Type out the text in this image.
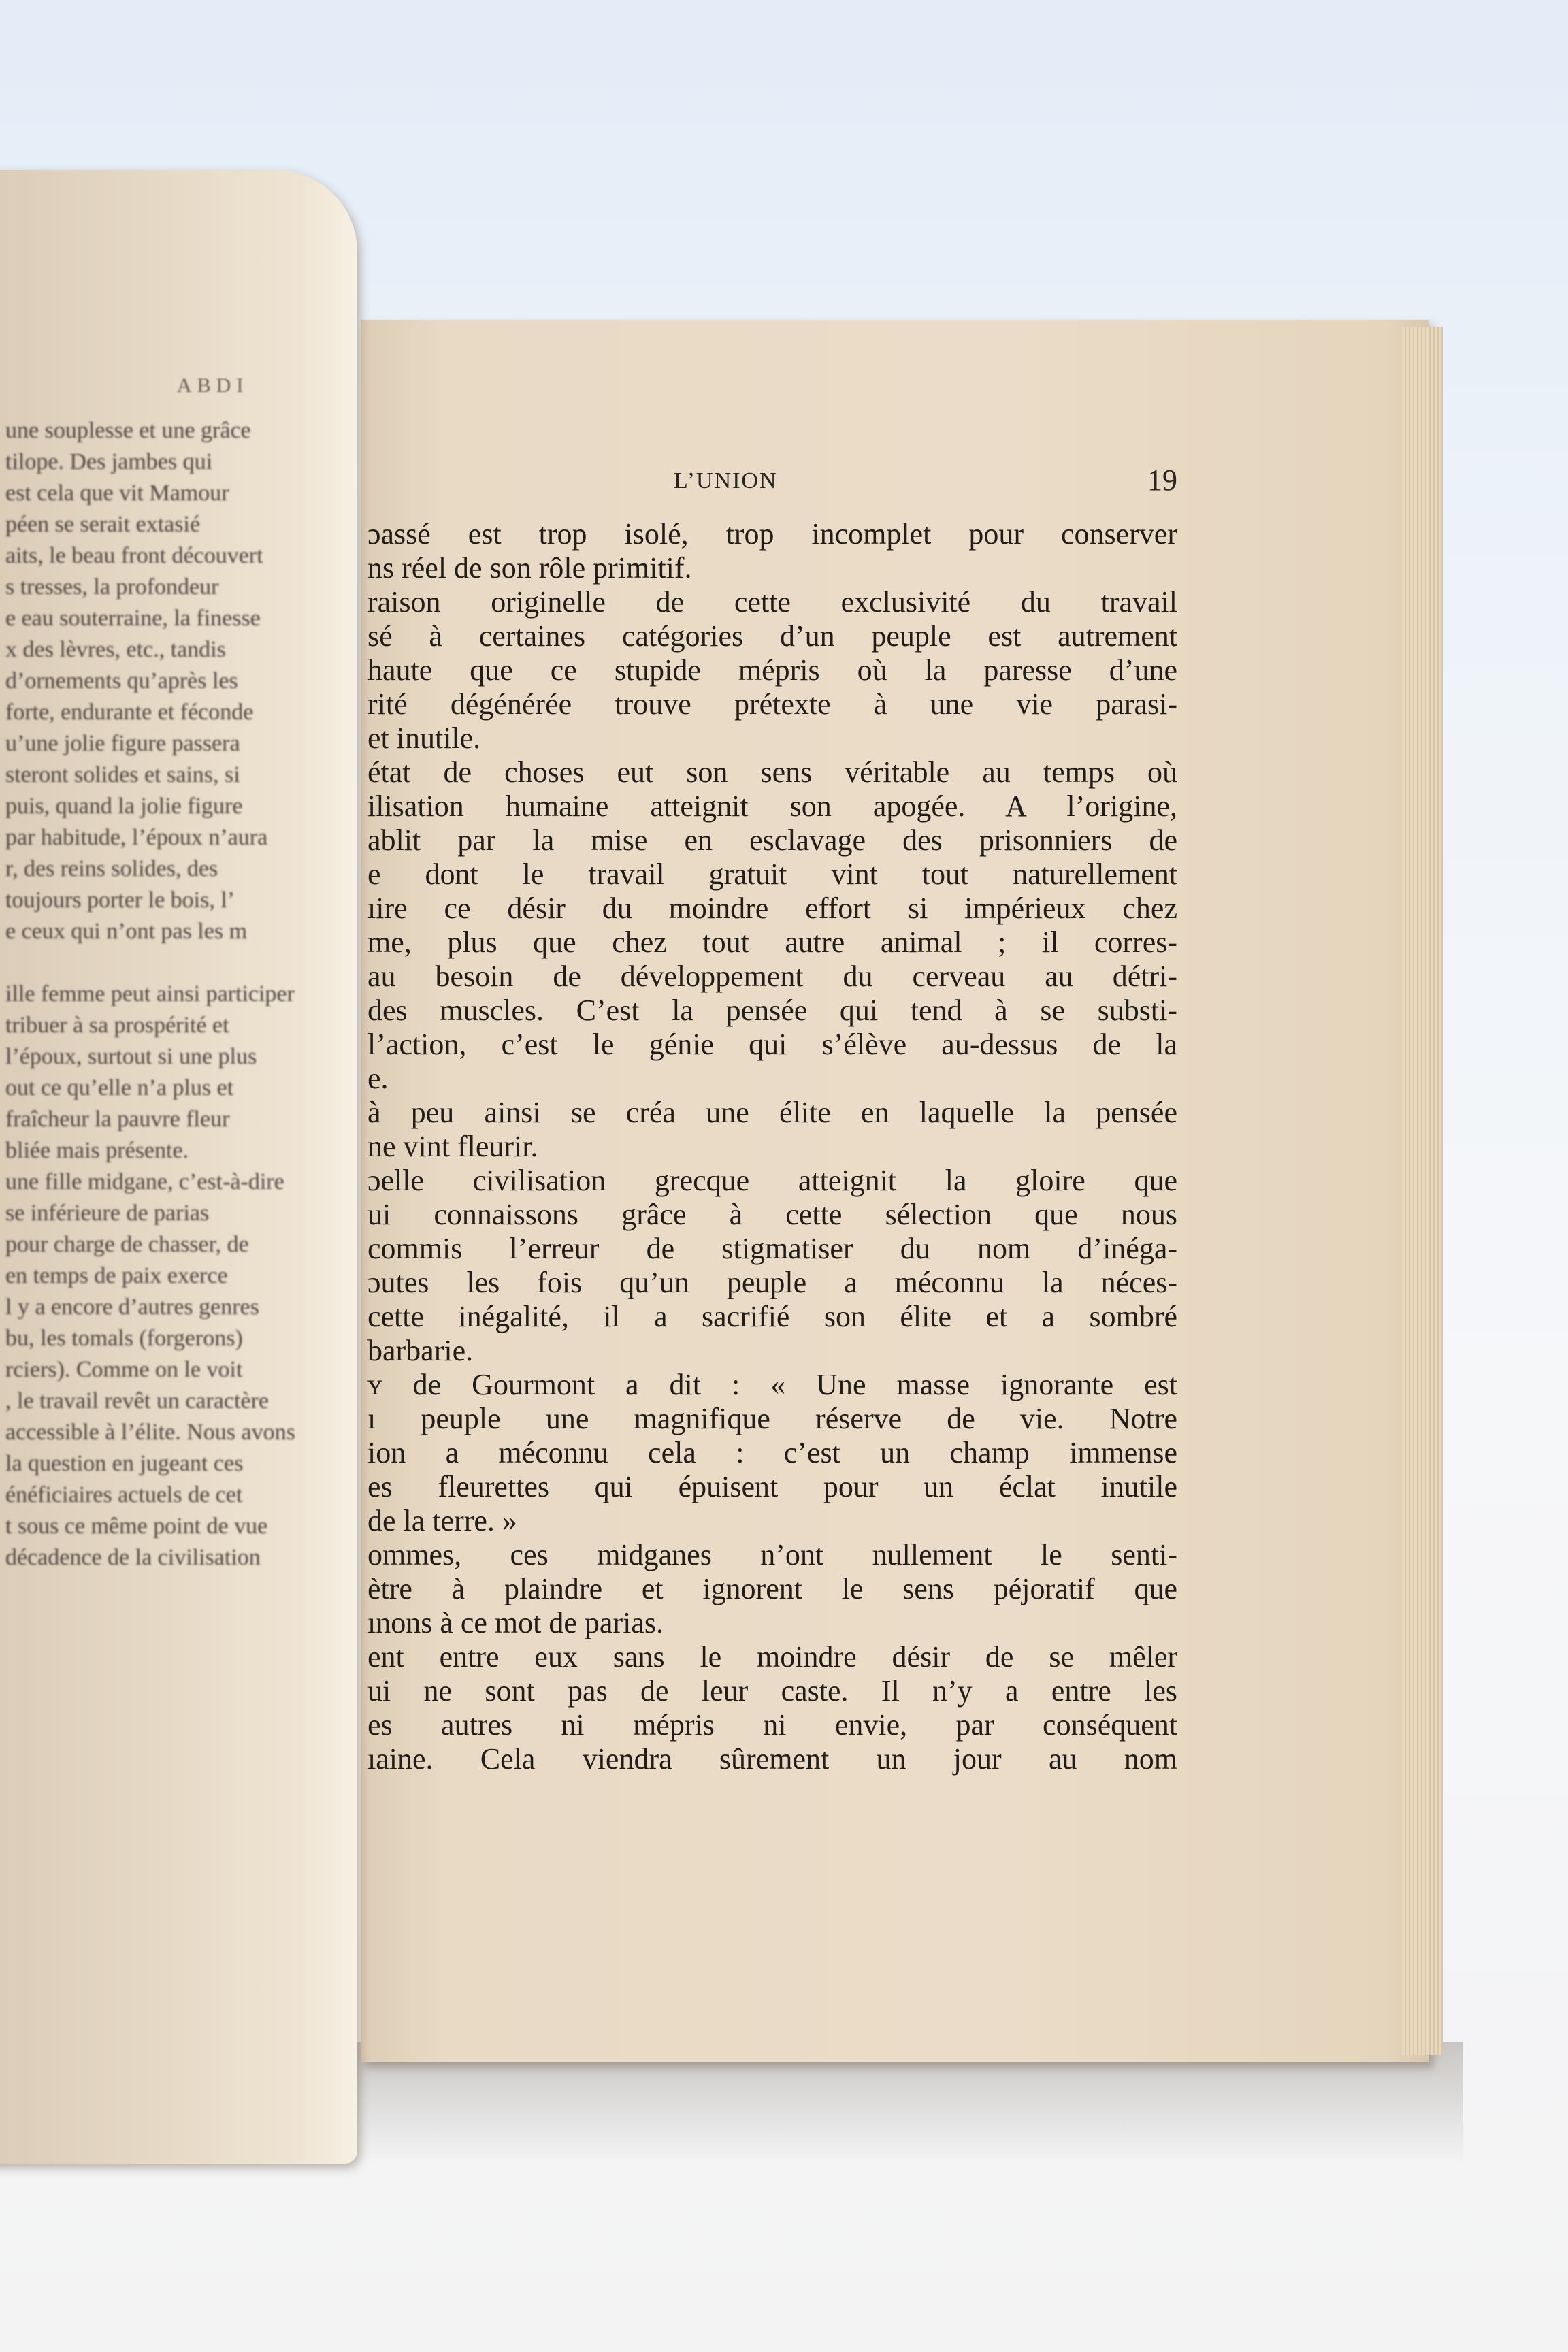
L’UNION	19
ɔassé est trop isolé, trop incomplet pour conserver
ns réel de son rôle primitif.
raison originelle de cette exclusivité du travail
sé à certaines catégories d’un peuple est autrement
haute que ce stupide mépris où la paresse d’une
rité dégénérée trouve prétexte à une vie parasi-
et inutile.
état de choses eut son sens véritable au temps où
ilisation humaine atteignit son apogée. A l’origine,
ablit par la mise en esclavage des prisonniers de
e dont le travail gratuit vint tout naturellement
ıire ce désir du moindre effort si impérieux chez
me, plus que chez tout autre animal ; il corres-
au besoin de développement du cerveau au détri-
des muscles. C’est la pensée qui tend à se substi-
l’action, c’est le génie qui s’élève au-dessus de la
e.
à peu ainsi se créa une élite en laquelle la pensée
ne vint fleurir.
ɔelle civilisation grecque atteignit la gloire que
ui connaissons grâce à cette sélection que nous
commis l’erreur de stigmatiser du nom d’inéga-
ɔutes les fois qu’un peuple a méconnu la néces-
cette inégalité, il a sacrifié son élite et a sombré
barbarie.
ʏ de Gourmont a dit : « Une masse ignorante est
ı peuple une magnifique réserve de vie. Notre
ion a méconnu cela : c’est un champ immense
es fleurettes qui épuisent pour un éclat inutile
de la terre. »
ommes, ces midganes n’ont nullement le senti-
ètre à plaindre et ignorent le sens péjoratif que
ınons à ce mot de parias.
ent entre eux sans le moindre désir de se mêler
ui ne sont pas de leur caste. Il n’y a entre les
es autres ni mépris ni envie, par conséquent
ıaine. Cela viendra sûrement un jour au nom
ABDI
une souplesse et une grâce
tilope. Des jambes qui
est cela que vit Mamour
péen se serait extasié
aits, le beau front découvert
s tresses, la profondeur
e eau souterraine, la finesse
x des lèvres, etc., tandis
d’ornements qu’après les
forte, endurante et féconde
u’une jolie figure passera
steront solides et sains, si
puis, quand la jolie figure
par habitude, l’époux n’aura
r, des reins solides, des
toujours porter le bois, l’
e ceux qui n’ont pas les m
ille femme peut ainsi participer
tribuer à sa prospérité et
l’époux, surtout si une plus
out ce qu’elle n’a plus et
fraîcheur la pauvre fleur
bliée mais présente.
une fille midgane, c’est-à-dire
se inférieure de parias
pour charge de chasser, de
en temps de paix exerce
l y a encore d’autres genres
bu, les tomals (forgerons)
rciers). Comme on le voit
, le travail revêt un caractère
accessible à l’élite. Nous avons
la question en jugeant ces
énéficiaires actuels de cet
t sous ce même point de vue
décadence de la civilisation
